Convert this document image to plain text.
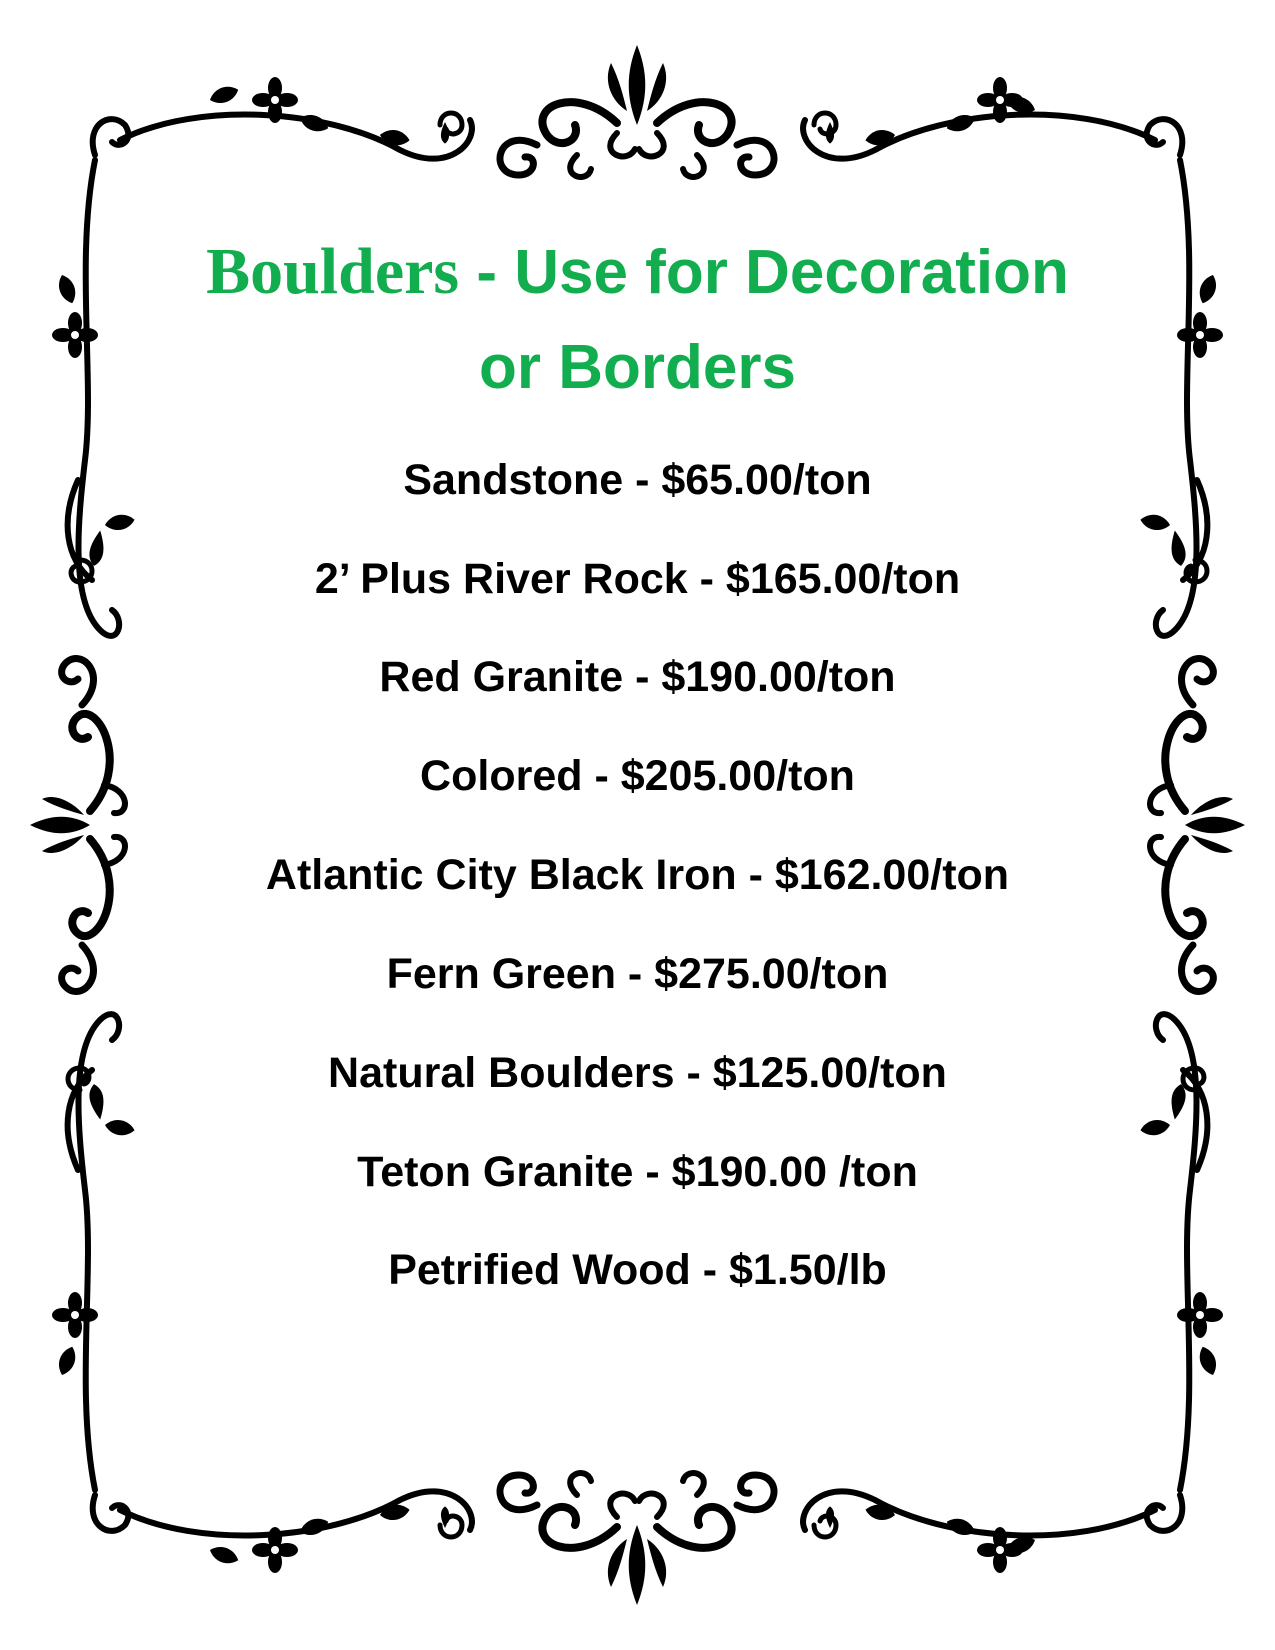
Boulders - Use for Decoration
or Borders
Sandstone - $65.00/ton
2’ Plus River Rock - $165.00/ton
Red Granite - $190.00/ton
Colored - $205.00/ton
Atlantic City Black Iron - $162.00/ton
Fern Green - $275.00/ton
Natural Boulders - $125.00/ton
Teton Granite - $190.00 /ton
Petrified Wood - $1.50/lb
